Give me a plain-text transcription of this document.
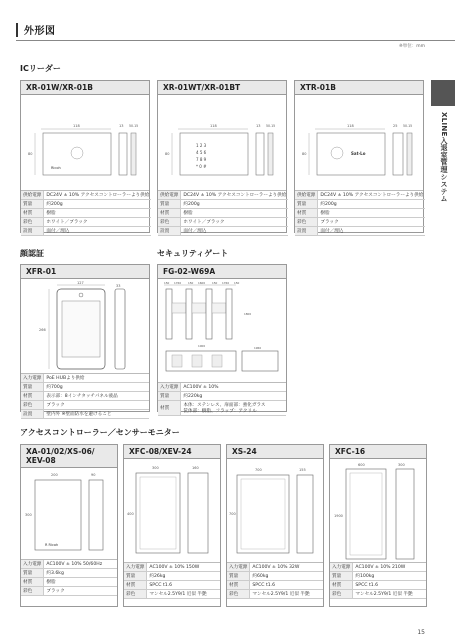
外形図
※単位：mm
XLINE入退室管理システム
ICリーダー
XR-01W/XR-01B
118
Ricoh
80
13 50.15
供給電源	DC24V ± 10% アクセスコントローラーより供給
質量	約200g
材質	樹脂
彩色	ホワイト／ブラック
設置	面付／埋込
XR-01WT/XR-01BT
118
1 2 3
4 5 6
7 8 9
* 0 #
80
13 50.15
供給電源	DC24V ± 10% アクセスコントローラーより供給
質量	約200g
材質	樹脂
彩色	ホワイト／ブラック
設置	面付／埋込
XTR-01B
118
Sat-Lo
80
25 50.15
供給電源	DC24V ± 10% アクセスコントローラーより供給
質量	約200g
材質	樹脂
彩色	ブラック
設置	面付／埋込
顔認証	セキュリティゲート
XFR-01
127
266
33
入力電源	PoE HUBより供給
質量	約700g
材質	表示部：8インチタッチパネル液晶
彩色	ブラック
設置	壁内外 ※壁面防水を避けること
FG-02-W69A
150 1760 150 1600 150 1760 150
1800
1000	1960
入力電源	AC100V ± 10%
質量	約220kg
材質	本体：ステンレス、扉面部：強化ガラス
筐体部：樹脂、フラップ：アクリル
アクセスコントローラー／センサーモニター
XA-01/02/XS-06/
XEV-08
200
R Ricoh
300
90
入力電源	AC100V ± 10% 50/60Hz
質量	約3.6kg
材質	樹脂
彩色	ブラック
XFC-08/XEV-24
300
400
160
入力電源	AC100V ± 10% 150W
質量	約26kg
材質	SPCC t1.6
彩色	マンセル2.5Y9/1 近似 半艶
XS-24
700
700
155
入力電源	AC100V ± 10% 32W
質量	約60kg
材質	SPCC t1.6
彩色	マンセル2.5Y9/1 近似 半艶
XFC-16
600
1900
300
入力電源	AC100V ± 10% 210W
質量	約100kg
材質	SPCC t1.6
彩色	マンセル2.5Y9/1 近似 半艶
15
